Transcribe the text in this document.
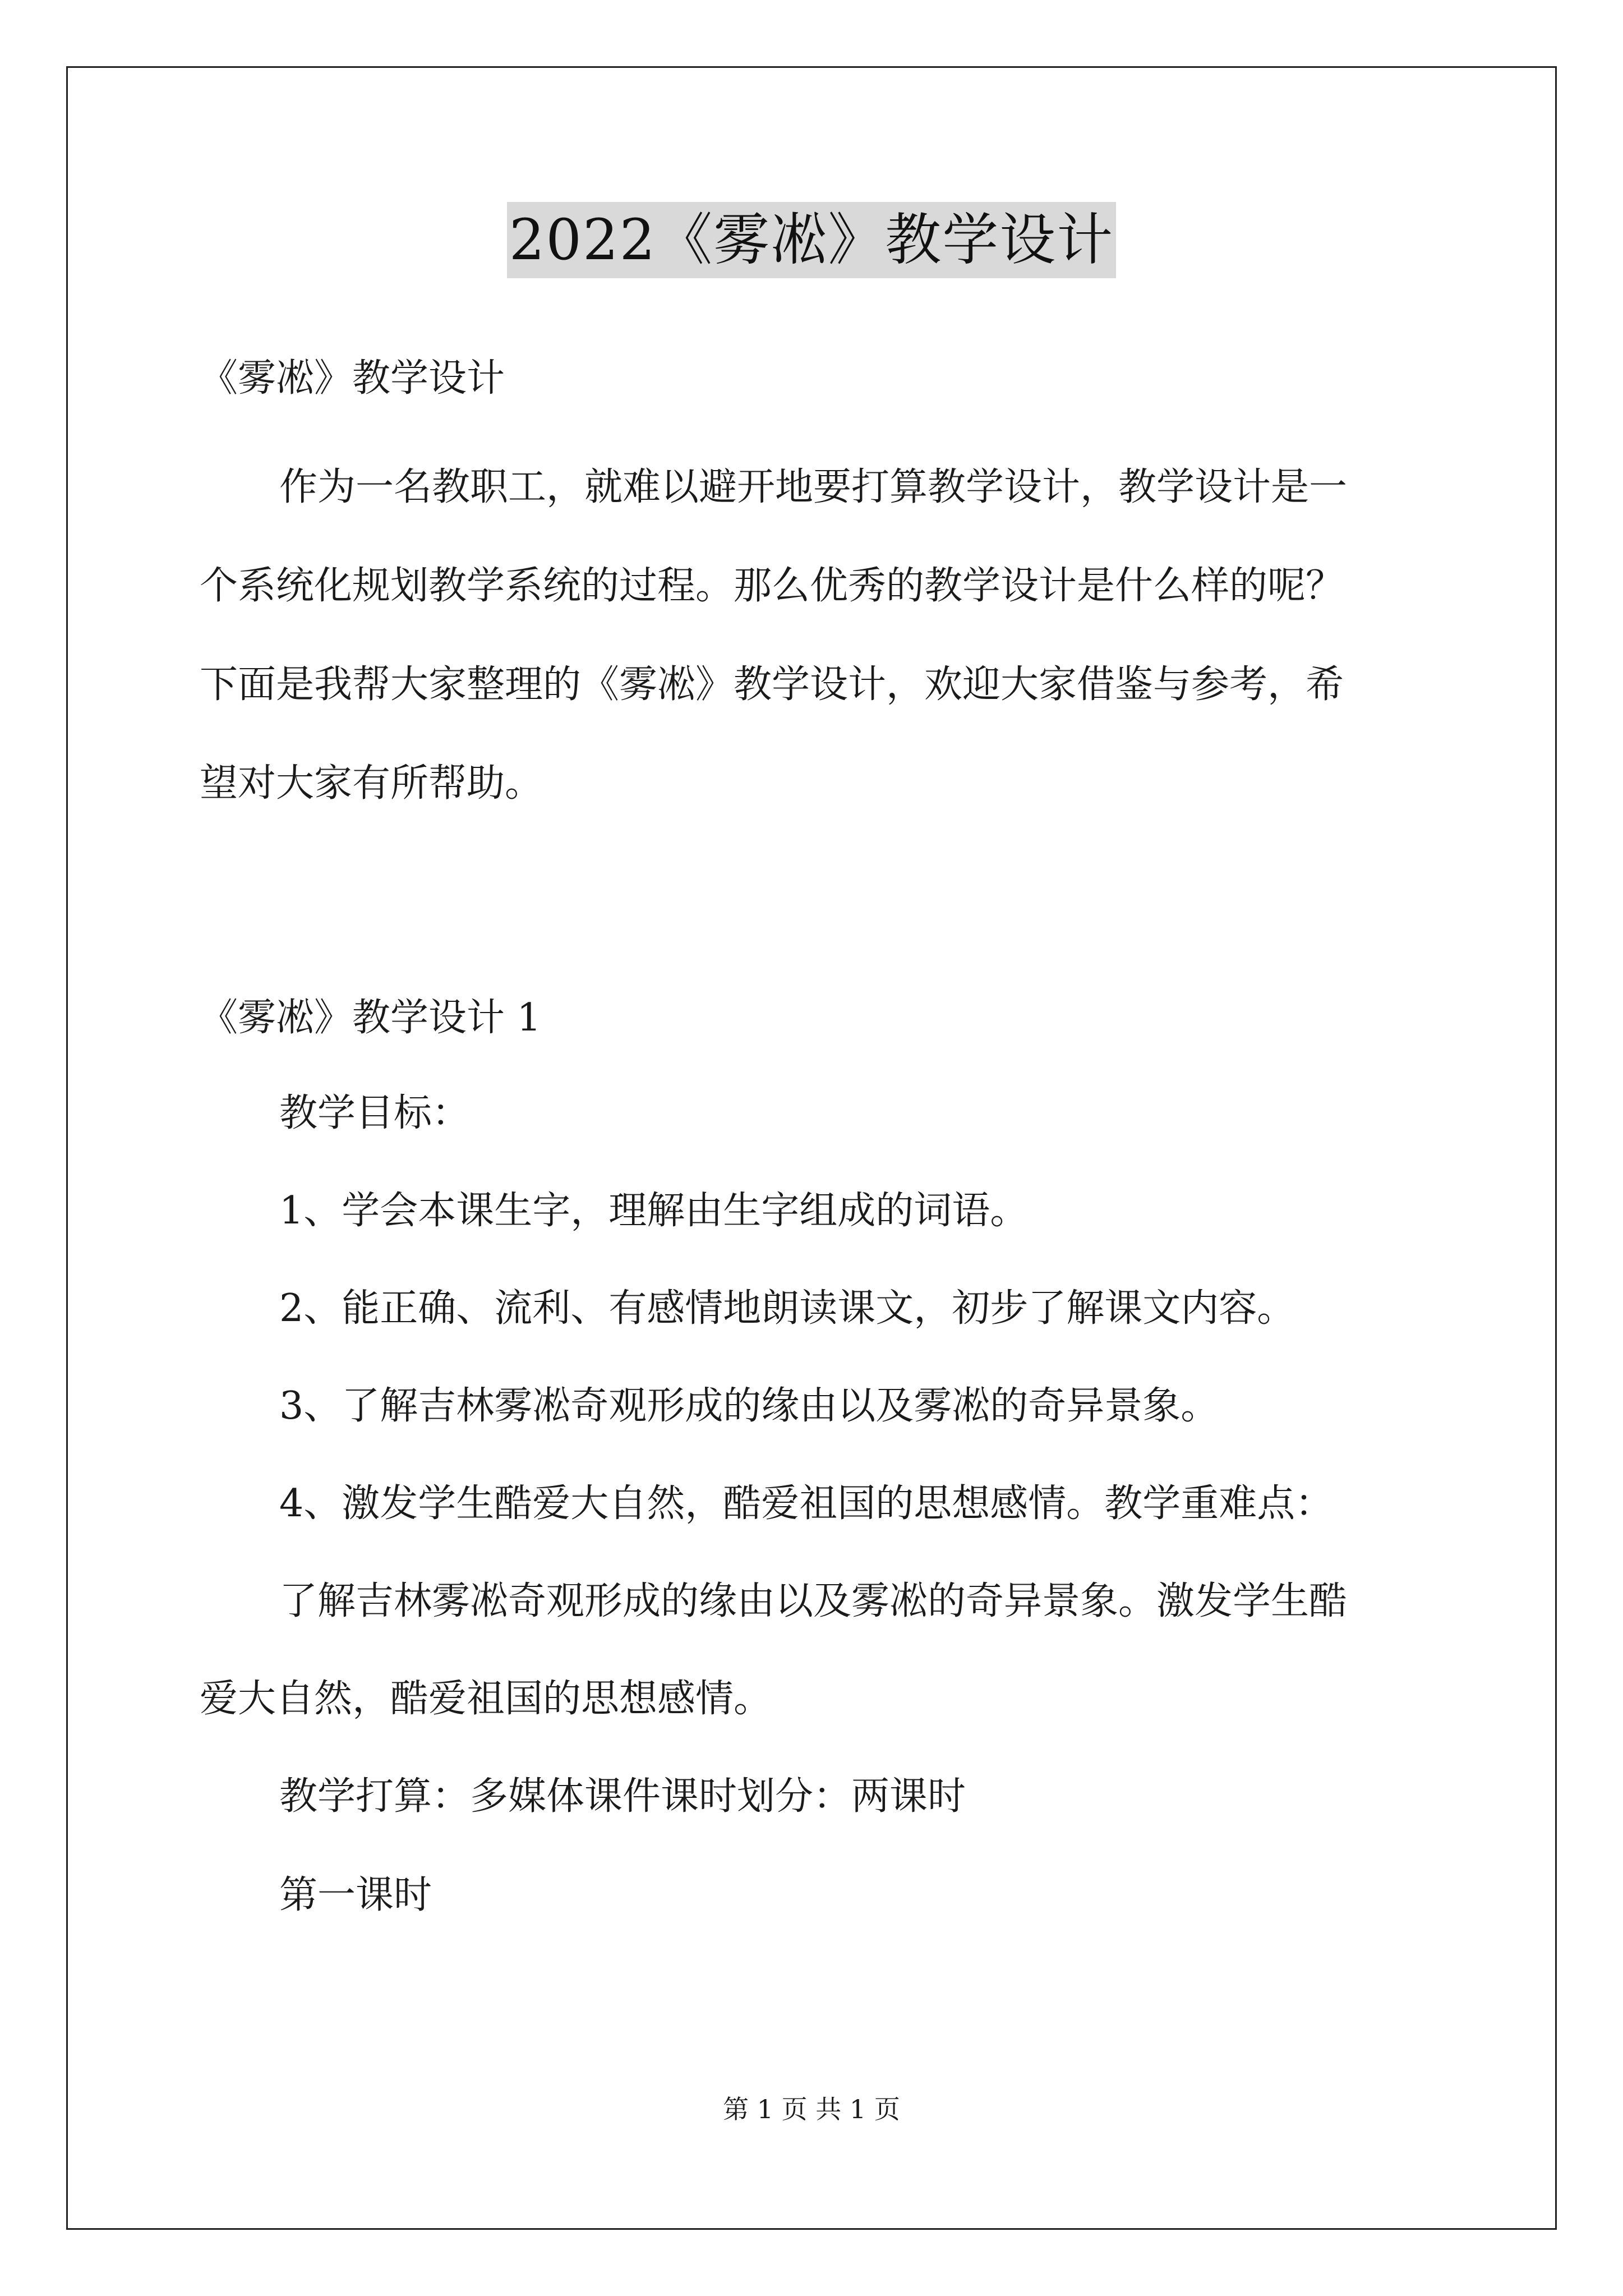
2022《雾凇》教学设计
《雾凇》教学设计
作为一名教职工，就难以避开地要打算教学设计，教学设计是一
个系统化规划教学系统的过程。那么优秀的教学设计是什么样的呢？
下面是我帮大家整理的《雾凇》教学设计，欢迎大家借鉴与参考，希
望对大家有所帮助。
《雾凇》教学设计 1
教学目标：
1、学会本课生字，理解由生字组成的词语。
2、能正确、流利、有感情地朗读课文，初步了解课文内容。
3、了解吉林雾凇奇观形成的缘由以及雾凇的奇异景象。
4、激发学生酷爱大自然，酷爱祖国的思想感情。教学重难点：
了解吉林雾凇奇观形成的缘由以及雾凇的奇异景象。激发学生酷
爱大自然，酷爱祖国的思想感情。
教学打算：多媒体课件课时划分：两课时
第一课时
第 1 页 共 1 页
